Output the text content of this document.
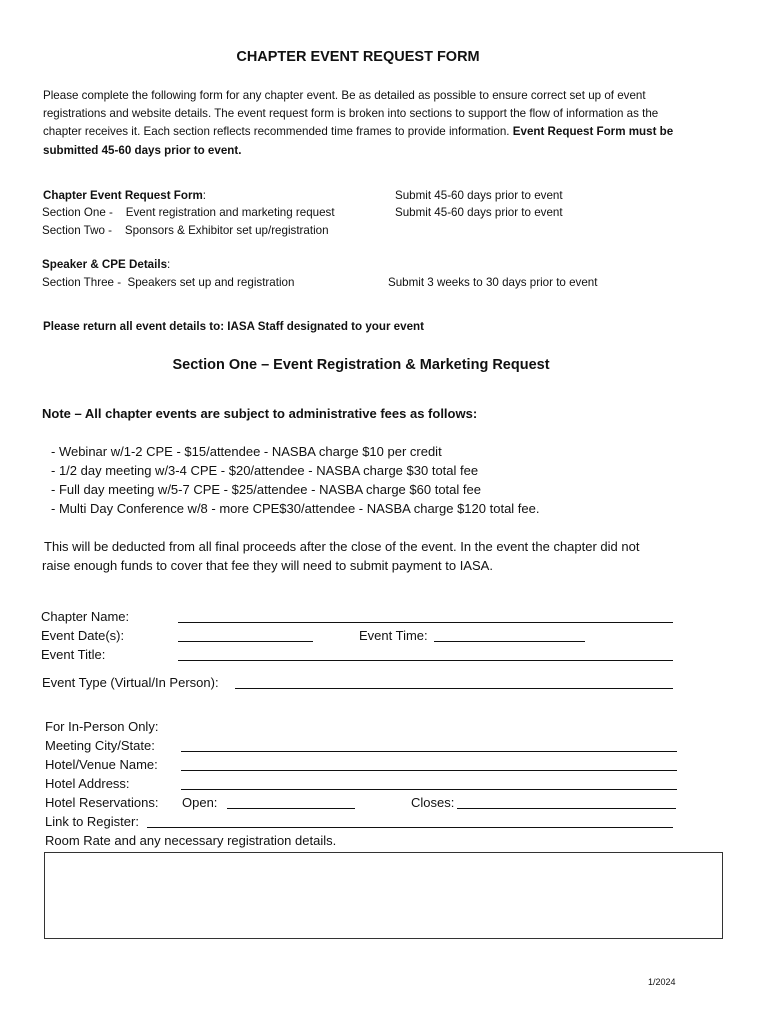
CHAPTER EVENT REQUEST FORM
Please complete the following form for any chapter event. Be as detailed as possible to ensure correct set up of event registrations and website details. The event request form is broken into sections to support the flow of information as the chapter receives it. Each section reflects recommended time frames to provide information. Event Request Form must be submitted 45-60 days prior to event.
Chapter Event Request Form:	Submit 45-60 days prior to event
Section One -    Event registration and marketing request	Submit 45-60 days prior to event
Section Two -    Sponsors & Exhibitor set up/registration
Speaker & CPE Details:
Section Three -  Speakers set up and registration	Submit 3 weeks to 30 days prior to event
Please return all event details to: IASA Staff designated to your event
Section One – Event Registration & Marketing Request
Note – All chapter events are subject to administrative fees as follows:
- Webinar w/1-2 CPE - $15/attendee - NASBA charge $10 per credit
- 1/2 day meeting w/3-4 CPE - $20/attendee - NASBA charge $30 total fee
- Full day meeting w/5-7 CPE - $25/attendee - NASBA charge $60 total fee
- Multi Day Conference w/8 - more CPE$30/attendee - NASBA charge $120 total fee.
This will be deducted from all final proceeds after the close of the event. In the event the chapter did not
raise enough funds to cover that fee they will need to submit payment to IASA.
Chapter Name:
Event Date(s):	Event Time:
Event Title:
Event Type (Virtual/In Person):
For In-Person Only:
Meeting City/State:
Hotel/Venue Name:
Hotel Address:
Hotel Reservations: Open:	Closes:
Link to Register:
Room Rate and any necessary registration details.
1/2024
